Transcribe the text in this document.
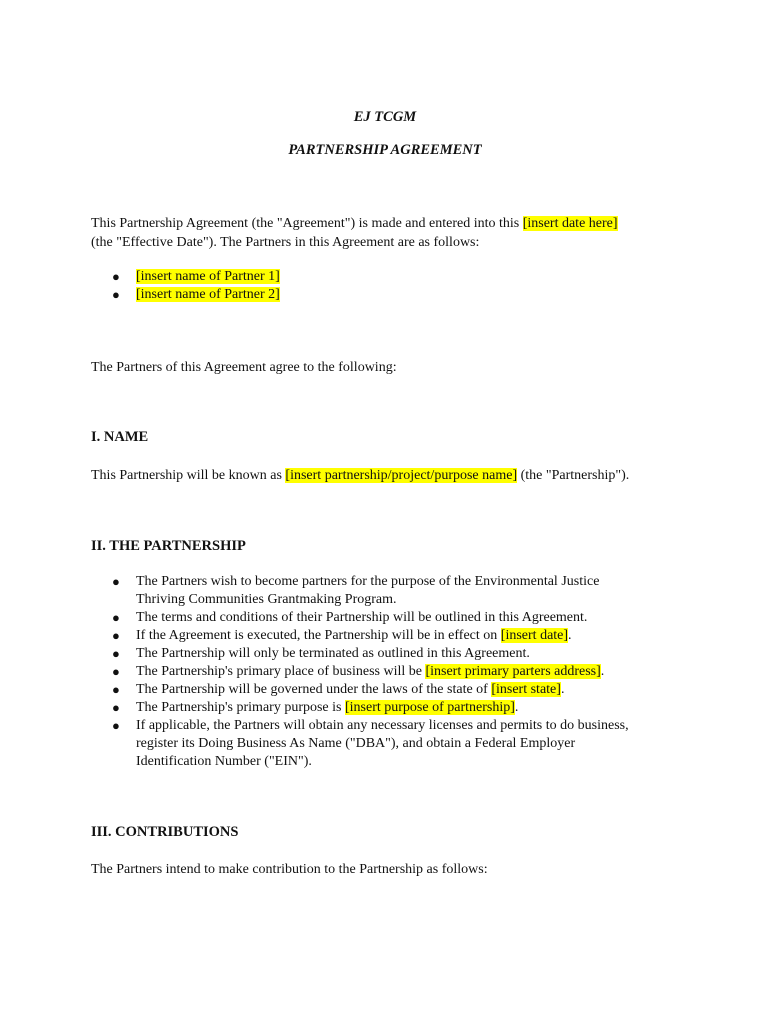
EJ TCGM
PARTNERSHIP AGREEMENT
This Partnership Agreement (the "Agreement") is made and entered into this [insert date here]
(the "Effective Date"). The Partners in this Agreement are as follows:
● [insert name of Partner 1]
● [insert name of Partner 2]
The Partners of this Agreement agree to the following:
I. NAME
This Partnership will be known as [insert partnership/project/purpose name] (the "Partnership").
II. THE PARTNERSHIP
● The Partners wish to become partners for the purpose of the Environmental Justice
Thriving Communities Grantmaking Program.
● The terms and conditions of their Partnership will be outlined in this Agreement.
● If the Agreement is executed, the Partnership will be in effect on [insert date].
● The Partnership will only be terminated as outlined in this Agreement.
● The Partnership's primary place of business will be [insert primary parters address].
● The Partnership will be governed under the laws of the state of [insert state].
● The Partnership's primary purpose is [insert purpose of partnership].
● If applicable, the Partners will obtain any necessary licenses and permits to do business,
register its Doing Business As Name ("DBA"), and obtain a Federal Employer
Identification Number ("EIN").
III. CONTRIBUTIONS
The Partners intend to make contribution to the Partnership as follows:
